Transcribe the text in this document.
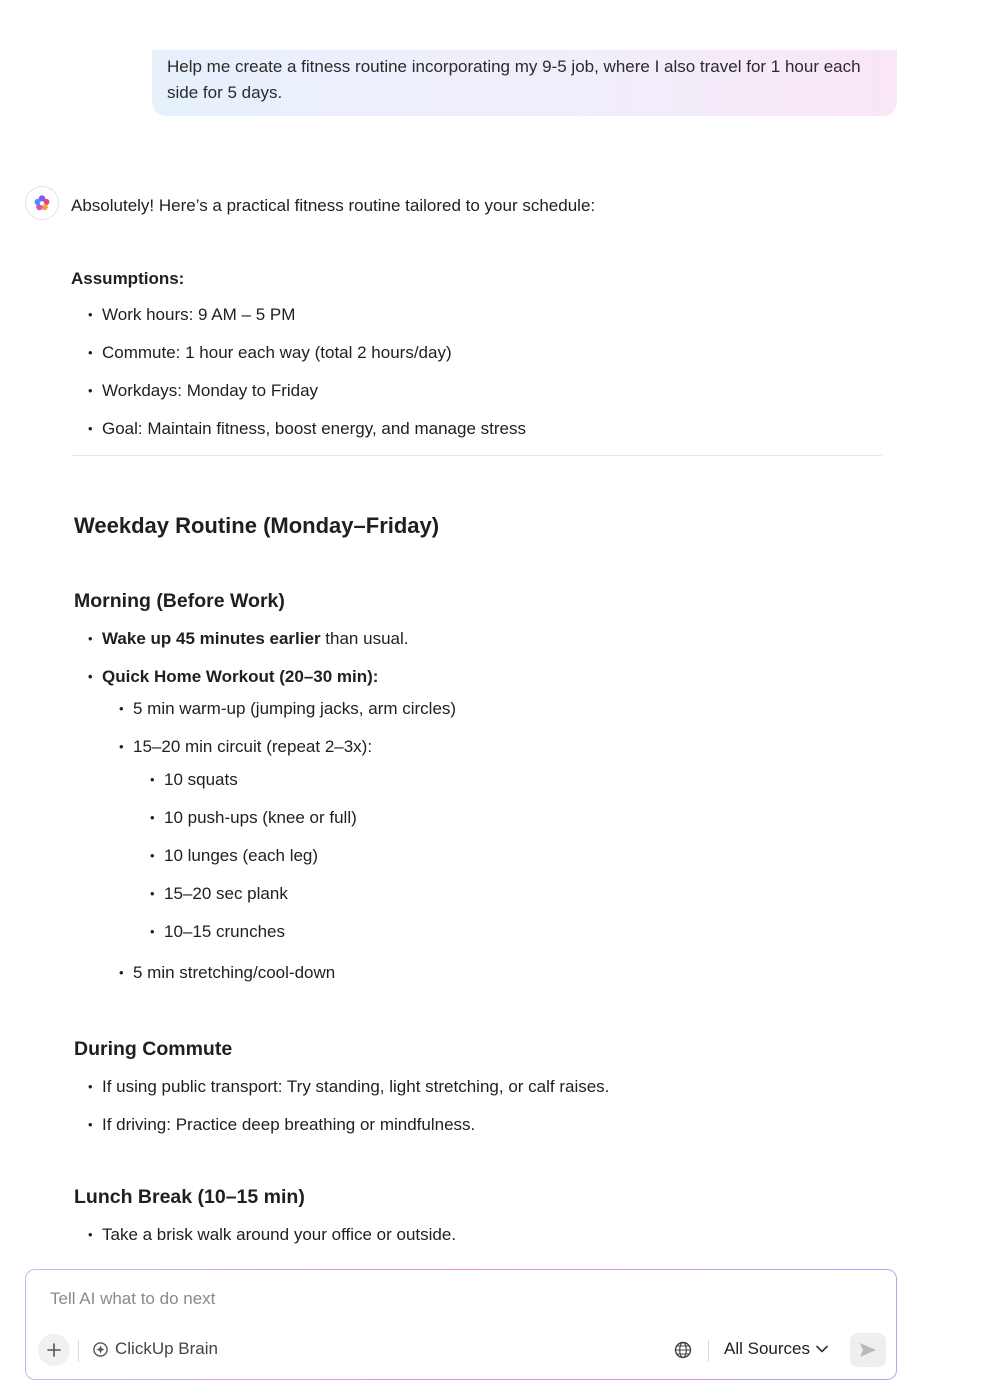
Help me create a fitness routine incorporating my 9-5 job, where I also travel for 1 hour each side for 5 days.
Absolutely! Here’s a practical fitness routine tailored to your schedule:
Assumptions:
• Work hours: 9 AM – 5 PM
• Commute: 1 hour each way (total 2 hours/day)
• Workdays: Monday to Friday
• Goal: Maintain fitness, boost energy, and manage stress
Weekday Routine (Monday–Friday)
Morning (Before Work)
• Wake up 45 minutes earlier than usual.
• Quick Home Workout (20–30 min):
• 5 min warm-up (jumping jacks, arm circles)
• 15–20 min circuit (repeat 2–3x):
• 10 squats
• 10 push-ups (knee or full)
• 10 lunges (each leg)
• 15–20 sec plank
• 10–15 crunches
• 5 min stretching/cool-down
During Commute
• If using public transport: Try standing, light stretching, or calf raises.
• If driving: Practice deep breathing or mindfulness.
Lunch Break (10–15 min)
• Take a brisk walk around your office or outside.
Tell AI what to do next
ClickUp Brain	All Sources
